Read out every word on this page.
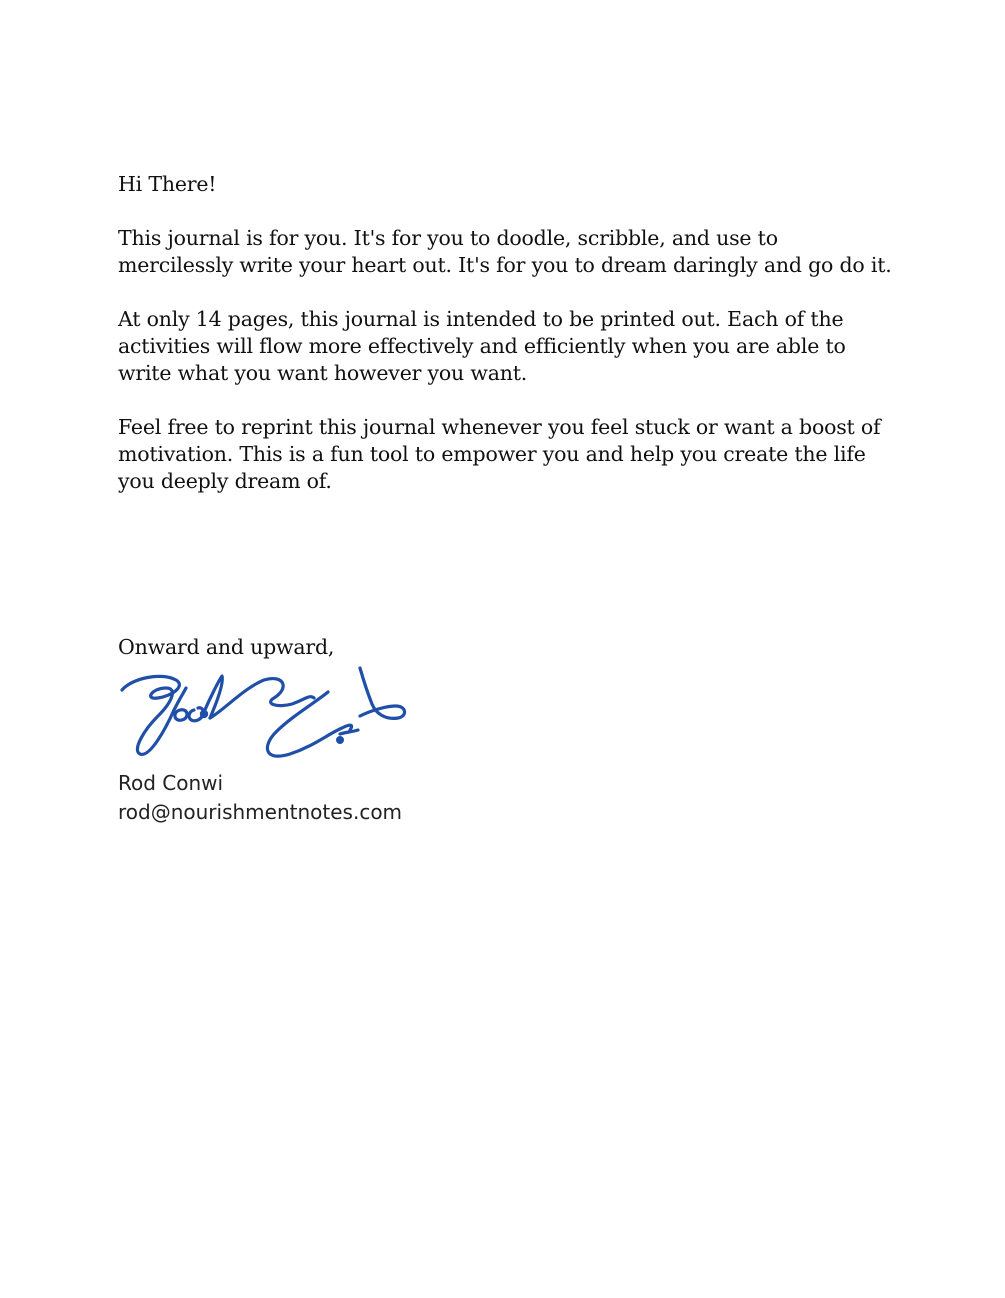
Hi There!

This journal is for you. It's for you to doodle, scribble, and use to mercilessly write your heart out. It's for you to dream daringly and go do it.

At only 14 pages, this journal is intended to be printed out. Each of the activities will flow more effectively and efficiently when you are able to write what you want however you want.

Feel free to reprint this journal whenever you feel stuck or want a boost of motivation. This is a fun tool to empower you and help you create the life you deeply dream of.

Onward and upward,
Rod Conwi
rod@nourishmentnotes.com
